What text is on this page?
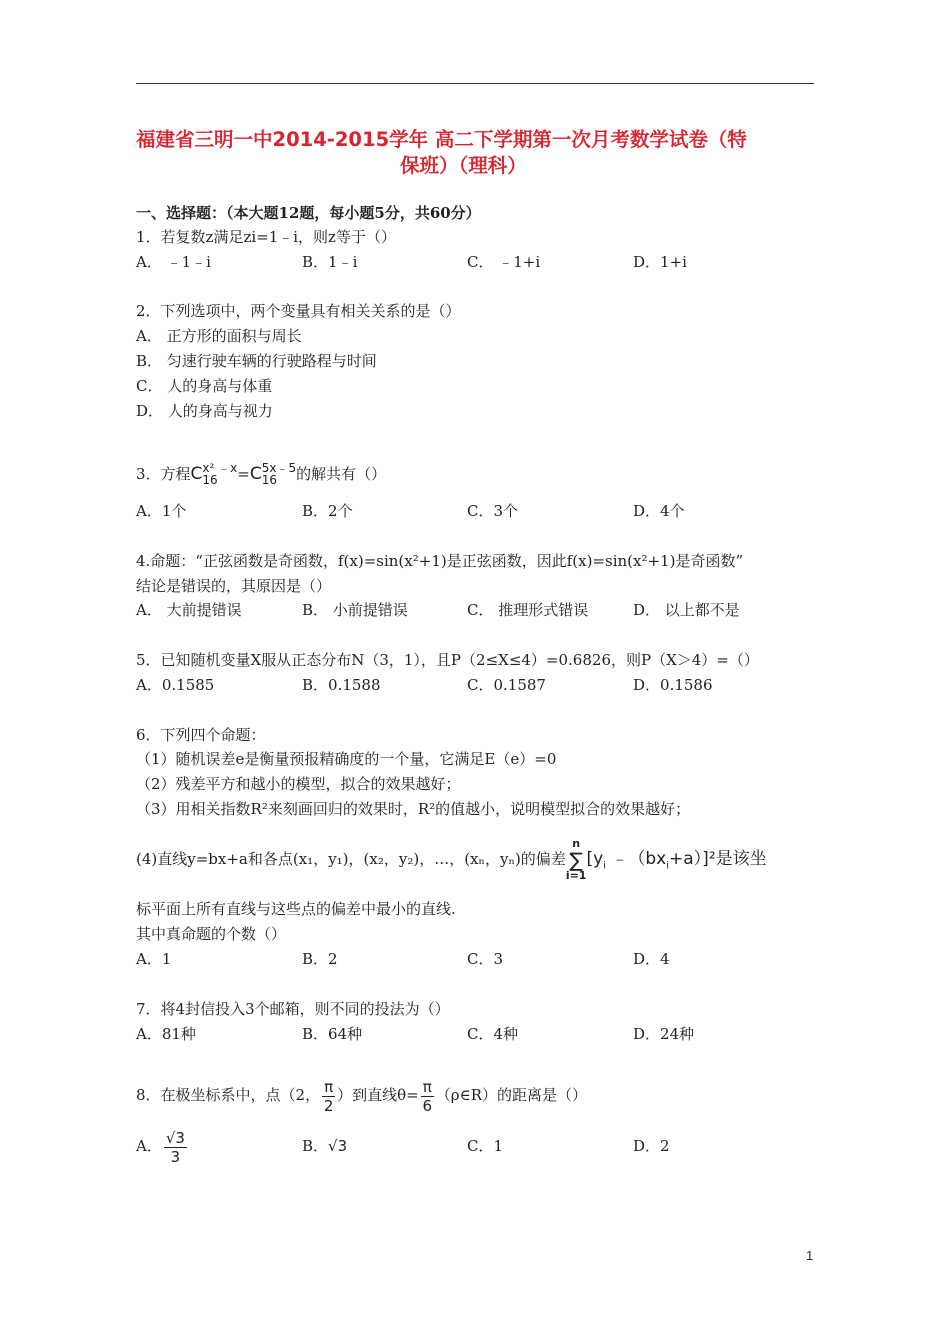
福建省三明一中2014-2015学年 高二下学期第一次月考数学试卷（特
保班）（理科）
一、选择题：（本大题12题，每小题5分，共60分）
1．若复数z满足zi=1﹣i，则z等于（）
A． ﹣1﹣i	B．1﹣i	C． ﹣1+i	D．1+i
2．下列选项中，两个变量具有相关关系的是（）
A． 正方形的面积与周长
B． 匀速行驶车辆的行驶路程与时间
C． 人的身高与体重
D． 人的身高与视力
3．方程C x² ﹣x
16	=C 5x﹣5
16	的解共有（）
A．1个	B．2个	C．3个	D．4个
4.命题：“正弦函数是奇函数，f(x)=sin(x²+1)是正弦函数，因此f(x)=sin(x²+1)是奇函数”
结论是错误的，其原因是（）
A． 大前提错误	B． 小前提错误	C． 推理形式错误	D． 以上都不是
5．已知随机变量X服从正态分布N（3，1），且P（2≤X≤4）=0.6826，则P（X＞4）=（）
A．0.1585	B．0.1588	C．0.1587	D．0.1586
6．下列四个命题：
（1）随机误差e是衡量预报精确度的一个量，它满足E（e）=0
（2）残差平方和越小的模型，拟合的效果越好；
（3）用相关指数R²来刻画回归的效果时，R²的值越小，说明模型拟合的效果越好；
(4)直线y=bx+a和各点(x₁，y₁)，(x₂，y₂)，…，(xₙ，yₙ)的偏差
n
∑
i=1
[$y_i$ $﹣(bx_i+a)]^2$是该坐
标平面上所有直线与这些点的偏差中最小的直线.
其中真命题的个数（）
A．1	B．2	C．3	D．4
7．将4封信投入3个邮箱，则不同的投法为（）
A．81种	B．64种	C．4种	D．24种
8．在极坐标系中，点（2， $\frac{\pi}{2}$ ）到直线$\theta= \frac{\pi}{6}$ （ρ∈R）的距离是（）
A． $\frac{√3}{3}$	B．√3	C．1	D．2
1
